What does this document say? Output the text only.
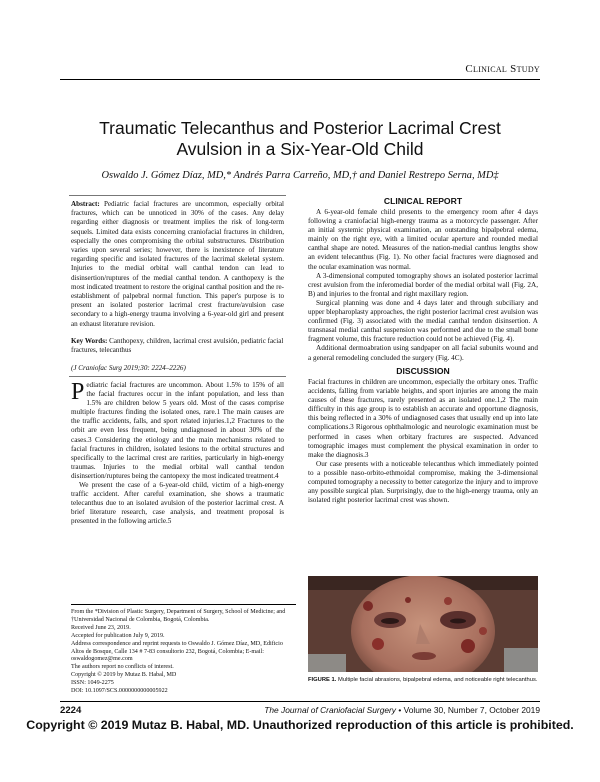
Clinical Study
Traumatic Telecanthus and Posterior Lacrimal Crest
Avulsion in a Six-Year-Old Child
Oswaldo J. Gómez Díaz, MD,* Andrés Parra Carreño, MD,† and Daniel Restrepo Serna, MD‡
Abstract: Pediatric facial fractures are uncommon, especially orbital fractures, which can be unnoticed in 30% of the cases. Any delay regarding either diagnosis or treatment implies the risk of long-term sequels. Limited data exists concerning craniofacial fractures in children, especially the ones compromising the orbital substructures. Distribution varies upon several series; however, there is inexistence of literature regarding specific and isolated fractures of the lacrimal skeletal system. Injuries to the medial orbital wall canthal tendon can lead to disinsertion/ruptures of the medial canthal tendon. A canthopexy is the most indicated treatment to restore the original canthal position and the re-establishment of palpebral normal function. This paper's purpose is to present an isolated posterior lacrimal crest fracture/avulsion case secondary to a high-energy trauma involving a 6-year-old girl and present an exhaust literature revision.
Key Words: Canthopexy, children, lacrimal crest avulsión, pediatric facial fractures, telecanthus
(J Craniofac Surg 2019;30: 2224–2226)

Pediatric facial fractures are uncommon. About 1.5% to 15% of all the facial fractures occur in the infant population, and less than 1.5% are children below 5 years old. Most of the cases comprise multiple fractures finding the isolated ones, rare.1 The main causes are the traffic accidents, falls, and sport related injuries.1,2 Fractures to the orbit are even less frequent, being undiagnosed in about 30% of the cases.3 Considering the etiology and the main mechanisms related to facial fractures in children, isolated lesions to the orbital structures and specifically to the lacrimal crest are rarities, particularly in high-energy traumas. Injuries to the medial orbital wall canthal tendon disinsertion/ruptures being the cantopexy the most indicated treatment.4

We present the case of a 6-year-old child, victim of a high-energy traffic accident. After careful examination, she shows a traumatic telecanthus due to an isolated avulsion of the posterior lacrimal crest. A brief literature research, case analysis, and treatment proposal is presented in the following article.5

From the *Division of Plastic Surgery, Department of Surgery, School of Medicine; and †Universidad Nacional de Colombia, Bogotá, Colombia.
Received June 23, 2019.
Accepted for publication July 9, 2019.
Address correspondence and reprint requests to Oswaldo J. Gómez Díaz, MD, Edificio Altos de Bosque, Calle 134 # 7-83 consultorio 232, Bogotá, Colombia; E-mail: oswaldogomez@me.com
The authors report no conflicts of interest.
Copyright © 2019 by Mutaz B. Habal, MD
ISSN: 1049-2275
DOI: 10.1097/SCS.0000000000005922
CLINICAL REPORT

A 6-year-old female child presents to the emergency room after 4 days following a craniofacial high-energy trauma as a motorcycle passenger. After an initial systemic physical examination, an outstanding bipalpebral edema, mainly on the right eye, with a limited ocular aperture and rounded medial canthal shape are noted. Measures of the nation-medial canthus lengths show an evident telecanthus (Fig. 1). No other facial fractures were diagnosed and the ocular examination was normal.

A 3-dimensional computed tomography shows an isolated posterior lacrimal crest avulsion from the inferomedial border of the medial orbital wall (Fig. 2A, B) and injuries to the frontal and right maxillary region.

Surgical planning was done and 4 days later and through subciliary and upper blepharoplasty approaches, the right posterior lacrimal crest avulsion was confirmed (Fig. 3) associated with the medial canthal tendon disinsertion. A transnasal medial canthal suspension was performed and due to the small bone fragment volume, this fracture reduction could not be achieved (Fig. 4).

Additional dermoabration using sandpaper on all facial subunits wound and a general remodeling concluded the surgery (Fig. 4C).

DISCUSSION

Facial fractures in children are uncommon, especially the orbitary ones. Traffic accidents, falling from variable heights, and sport injuries are among the main causes of these fractures, rarely presented as an isolated one.1,2 The main difficulty in this age group is to establish an accurate and opportune diagnosis, this being reflected in a 30% of undiagnosed cases that usually end up into late complications.3 Rigorous ophthalmologic and neurologic examination must be performed in cases when orbitary fractures are suspected. Advanced tomographic images must complement the physical examination in order to make the diagnosis.3

Our case presents with a noticeable telecanthus which immediately pointed to a possible naso-orbito-ethmoidal compromise, making the 3-dimensional computed tomography a necessity to better categorize the injury and to improve any possible surgical plan. Surprisingly, due to the high-energy trauma, only an isolated right posterior lacrimal crest was shown.

FIGURE 1. Multiple facial abrasions, bipalpebral edema, and noticeable right telecanthus.
2224	The Journal of Craniofacial Surgery • Volume 30, Number 7, October 2019
Copyright © 2019 Mutaz B. Habal, MD. Unauthorized reproduction of this article is prohibited.
